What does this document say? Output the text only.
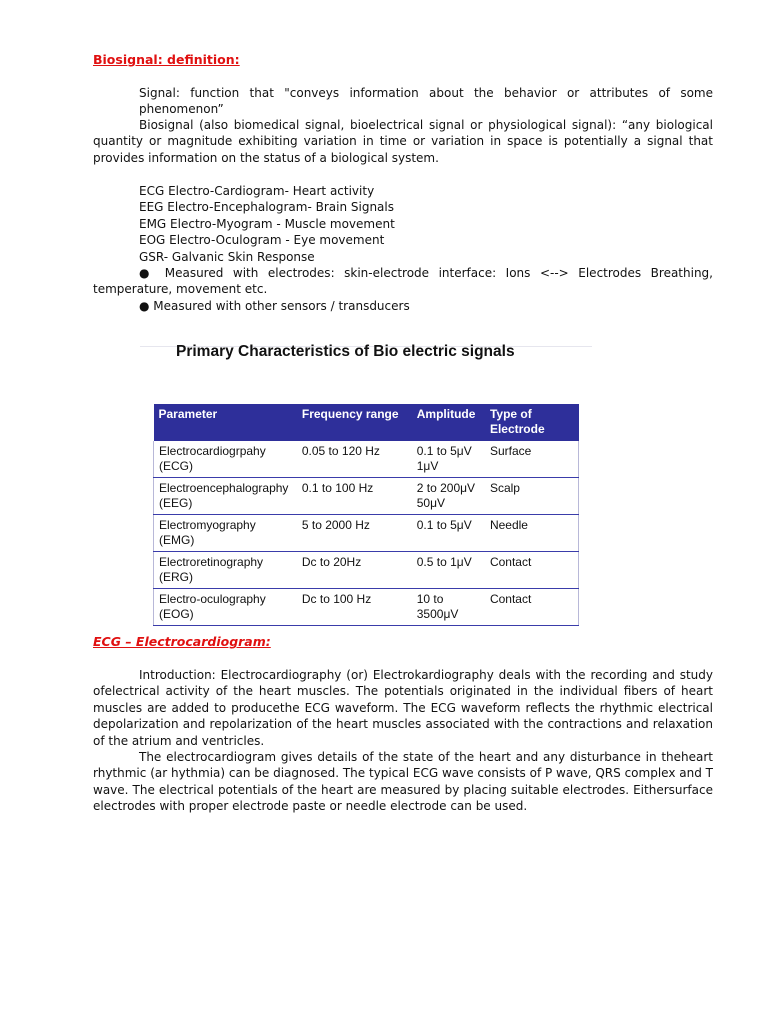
Biosignal: definition:

Signal: function that "conveys information about the behavior or attributes of some phenomenon”

Biosignal (also biomedical signal, bioelectrical signal or physiological signal): “any biological quantity or magnitude exhibiting variation in time or variation in space is potentially a signal that provides information on the status of a biological system.

ECG Electro-Cardiogram- Heart activity
EEG Electro-Encephalogram- Brain Signals
EMG Electro-Myogram - Muscle movement
EOG Electro-Oculogram - Eye movement
GSR- Galvanic Skin Response

● Measured with electrodes: skin-electrode interface: Ions <--> Electrodes Breathing, temperature, movement etc.

● Measured with other sensors / transducers

Primary Characteristics of Bio electric signals
Parameter	Frequency range	Amplitude	Type of Electrode
Electrocardiogrpahy (ECG)	0.05 to 120 Hz	0.1 to 5μV 1μV	Surface
Electroencephalography (EEG)	0.1 to 100 Hz	2 to 200μV 50μV	Scalp
Electromyography (EMG)	5 to 2000 Hz	0.1 to 5μV	Needle
Electroretinography (ERG)	Dc to 20Hz	0.5 to 1μV	Contact
Electro-oculography (EOG)	Dc to 100 Hz	10 to 3500μV	Contact
ECG – Electrocardiogram:

Introduction: Electrocardiography (or) Electrokardiography deals with the recording and study ofelectrical activity of the heart muscles. The potentials originated in the individual fibers of heart muscles are added to producethe ECG waveform. The ECG waveform reflects the rhythmic electrical depolarization and repolarization of the heart muscles associated with the contractions and relaxation of the atrium and ventricles.

The electrocardiogram gives details of the state of the heart and any disturbance in theheart rhythmic (ar hythmia) can be diagnosed. The typical ECG wave consists of P wave, QRS complex and T wave. The electrical potentials of the heart are measured by placing suitable electrodes. Eithersurface electrodes with proper electrode paste or needle electrode can be used.
